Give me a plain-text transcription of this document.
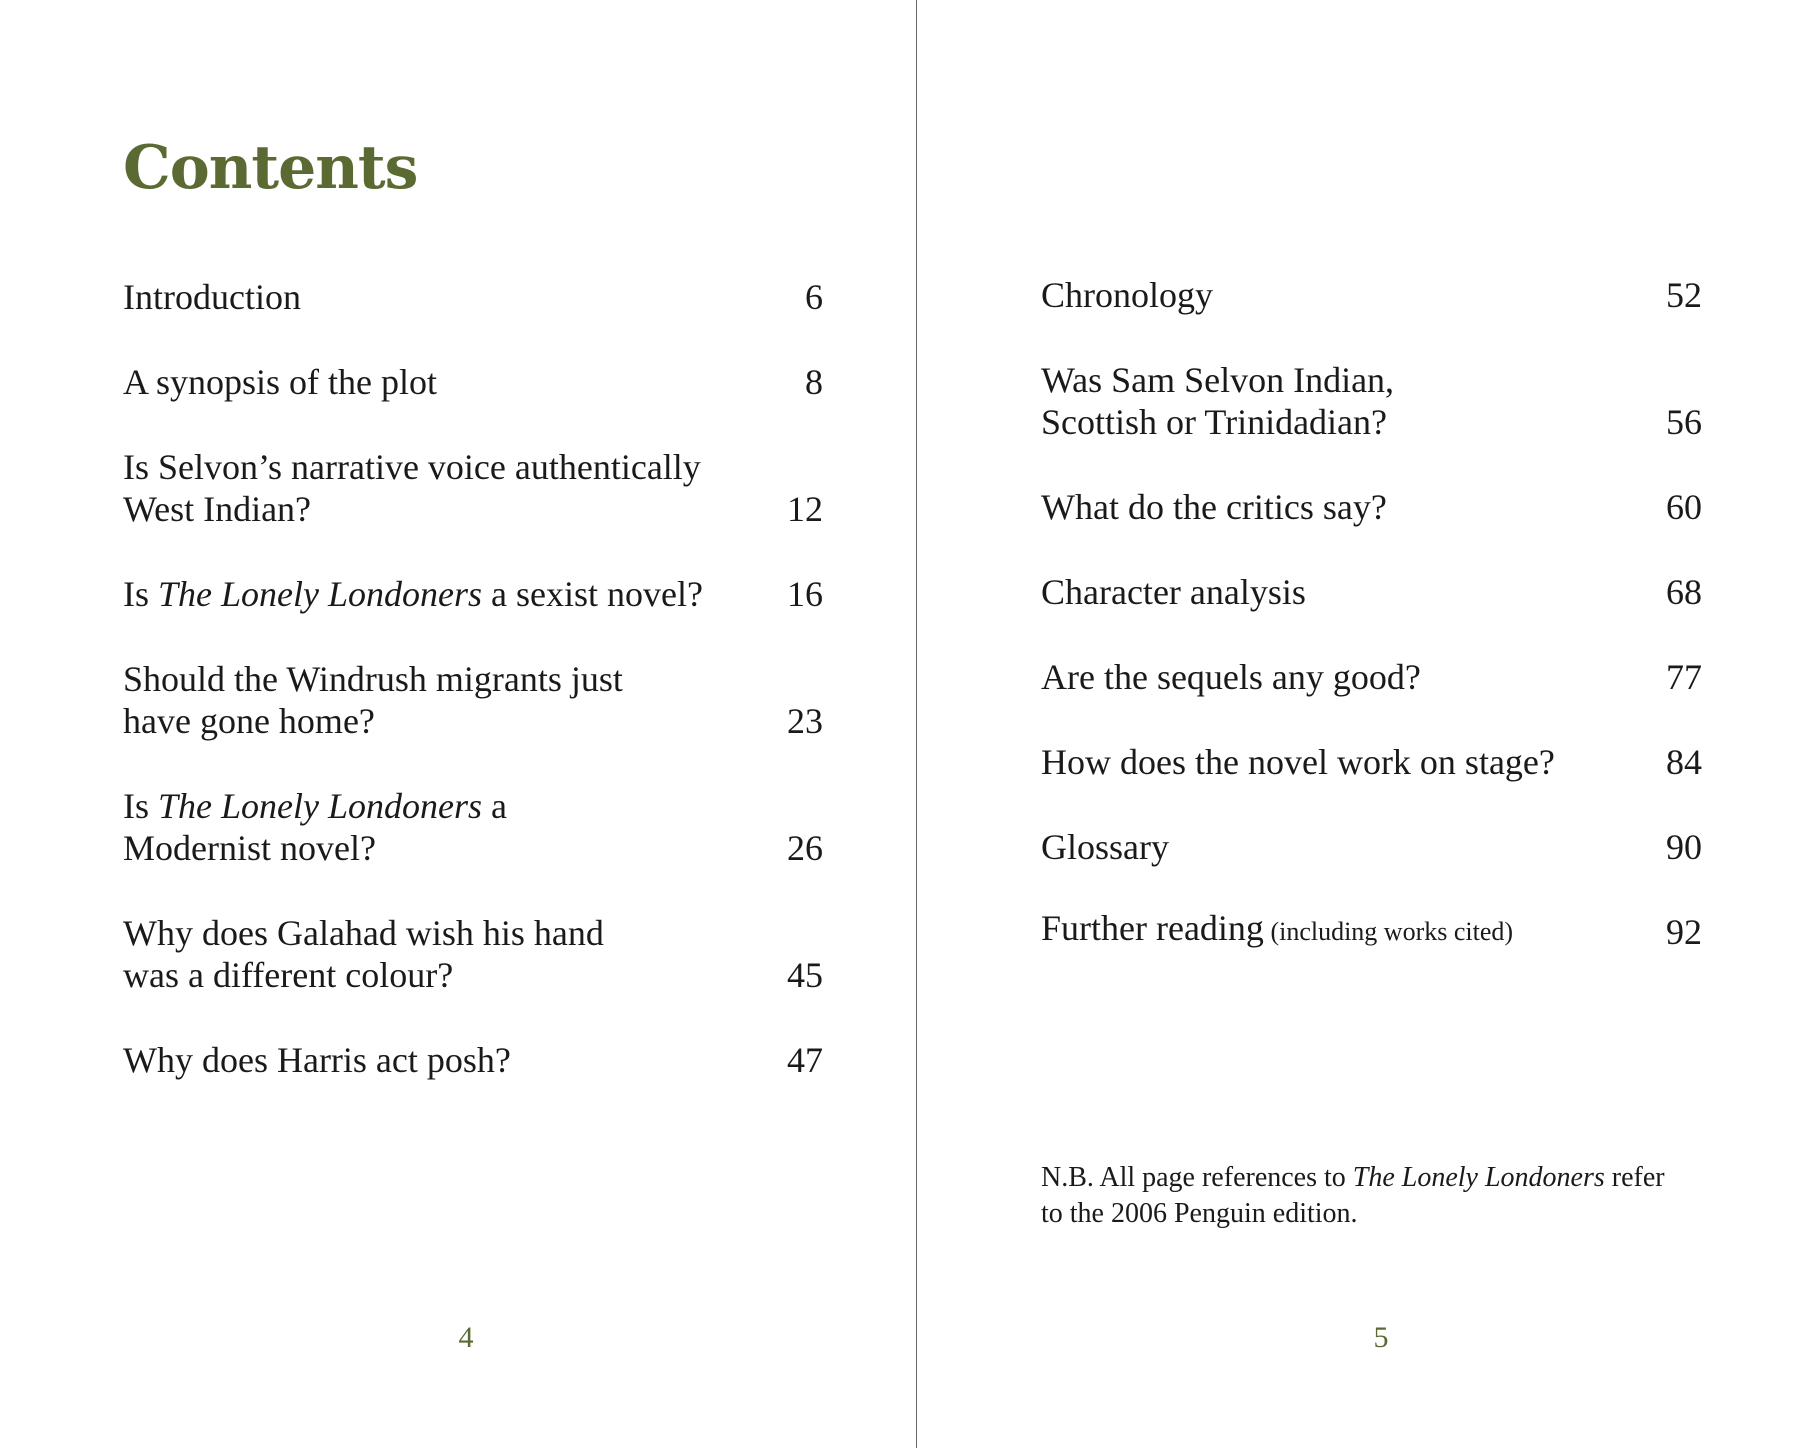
Contents
Introduction	6
A synopsis of the plot	8
Is Selvon’s narrative voice authentically
West Indian?	12
Is The Lonely Londoners a sexist novel? 16
Should the Windrush migrants just
have gone home?	23
Is The Lonely Londoners a
Modernist novel?	26
Why does Galahad wish his hand
was a different colour?	45
Why does Harris act posh?	47
4
Chronology	52
Was Sam Selvon Indian,
Scottish or Trinidadian?	56
What do the critics say?	60
Character analysis	68
Are the sequels any good?	77
How does the novel work on stage?	84
Glossary	90
Further reading (including works cited)	92
N.B. All page references to The Lonely Londoners refer
to the 2006 Penguin edition.
5
